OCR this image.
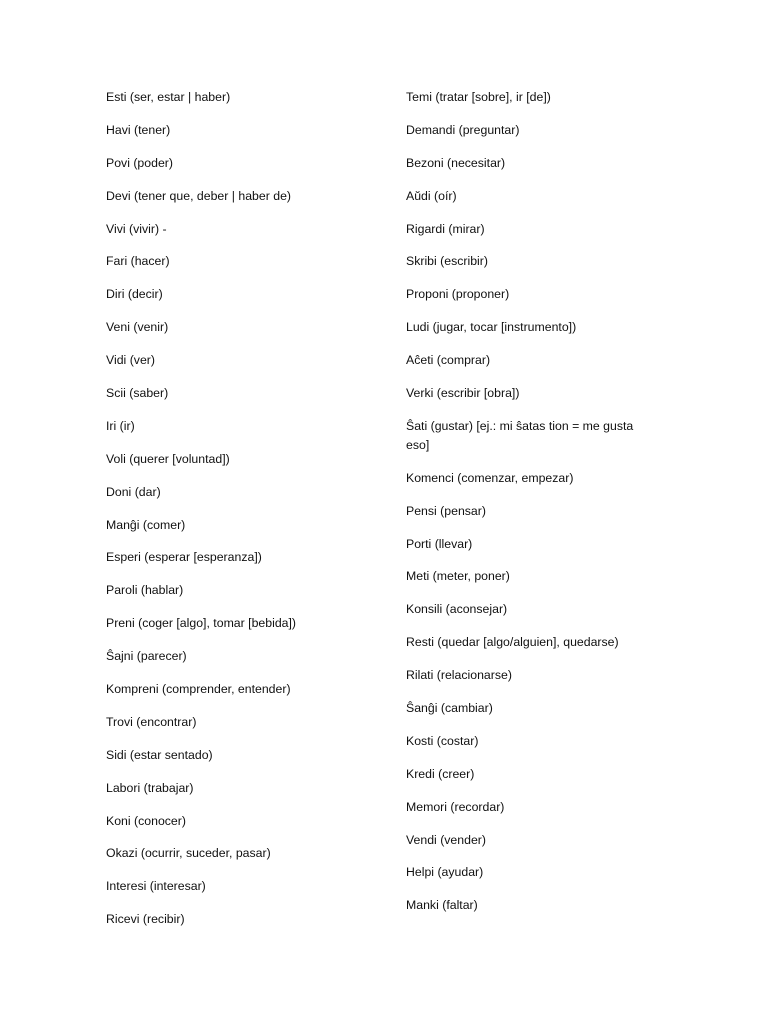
Esti (ser, estar | haber)
Havi (tener)
Povi (poder)
Devi (tener que, deber | haber de)
Vivi (vivir) -
Fari (hacer)
Diri (decir)
Veni (venir)
Vidi (ver)
Scii (saber)
Iri (ir)
Voli (querer [voluntad])
Doni (dar)
Manĝi (comer)
Esperi (esperar [esperanza])
Paroli (hablar)
Preni (coger [algo], tomar [bebida])
Ŝajni (parecer)
Kompreni (comprender, entender)
Trovi (encontrar)
Sidi (estar sentado)
Labori (trabajar)
Koni (conocer)
Okazi (ocurrir, suceder, pasar)
Interesi (interesar)
Ricevi (recibir)
Temi (tratar [sobre], ir [de])
Demandi (preguntar)
Bezoni (necesitar)
Aŭdi (oír)
Rigardi (mirar)
Skribi (escribir)
Proponi (proponer)
Ludi (jugar, tocar [instrumento])
Aĉeti (comprar)
Verki (escribir [obra])
Ŝati (gustar) [ej.: mi ŝatas tion = me gusta eso]
Komenci (comenzar, empezar)
Pensi (pensar)
Porti (llevar)
Meti (meter, poner)
Konsili (aconsejar)
Resti (quedar [algo/alguien], quedarse)
Rilati (relacionarse)
Ŝanĝi (cambiar)
Kosti (costar)
Kredi (creer)
Memori (recordar)
Vendi (vender)
Helpi (ayudar)
Manki (faltar)
